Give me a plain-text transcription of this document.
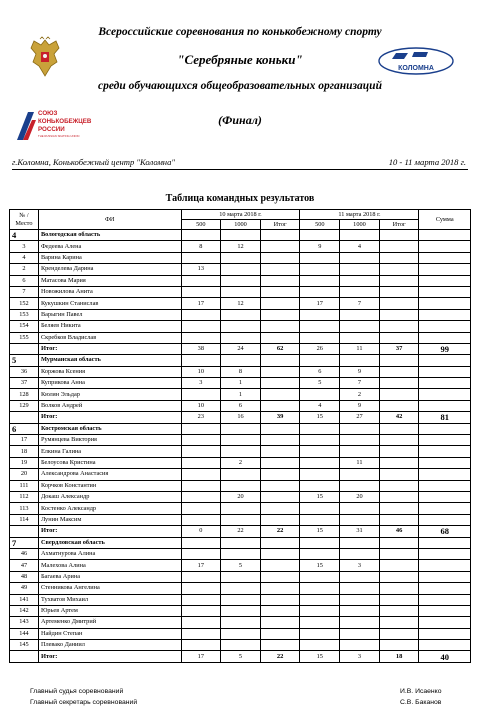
КОЛОМНА
СОЮЗ
КОНЬКОБЕЖЦЕВ
РОССИИ
THE RUSSIAN SKATING UNION
Всероссийские соревнования по конькобежному спорту
"Серебряные коньки"
среди обучающихся общеобразовательных организаций
(Финал)
г.Коломна, Конькобежный центр "Коломна"	10 - 11 марта 2018 г.
Таблица командных результатов
№ / Место	ФИ	10 марта 2018 г.			11 марта 2018 г.			Сумма
		500	1000	Итог	500	1000	Итог	
4	Вологодская область							
3	Федеева Алена	8	12		9	4		
4	Варина Карина							
2	Кренделева Дарина	13						
6	Матасова Мария							
7	Новожилова Анита							
152	Кукушкин Станислав	17	12		17	7		
153	Варыгин Павел							
154	Беляев Никита							
155	Скребков Владислав							
	Итог:	38	24	62	26	11	37	99
5	Мурманская область							
36	Коржова Ксения	10	8		6	9		
37	Куприкова Анна	3	1		5	7		
128	Кюлян Эльдар		1			2		
129	Волков Андрей	10	6		4	9		
	Итог:	23	16	39	15	27	42	81
6	Костромская область							
17	Румянцева Виктория							
18	Елкина Галина							
19	Белоусова Кристина		2			11		
20	Александрова Анастасия							
111	Корчков Константин							
112	Докаш Александр		20		15	20		
113	Костенко Александр							
114	Лунин Максим							
	Итог:	0	22	22	15	31	46	68
7	Свердловская область							
46	Ахматнурова Алина							
47	Малехова Алина	17	5		15	3		
48	Багаева Арина							
49	Стенникова Ангелина							
141	Тухватов Михаил							
142	Юрьев Артем							
143	Артеменко Дмитрий							
144	Найдин Степан							
145	Плевако Даниил							
	Итог:	17	5	22	15	3	18	40
Главный судья соревнований	И.В. Исаенко
Главный секретарь соревнований	С.В. Баканов
